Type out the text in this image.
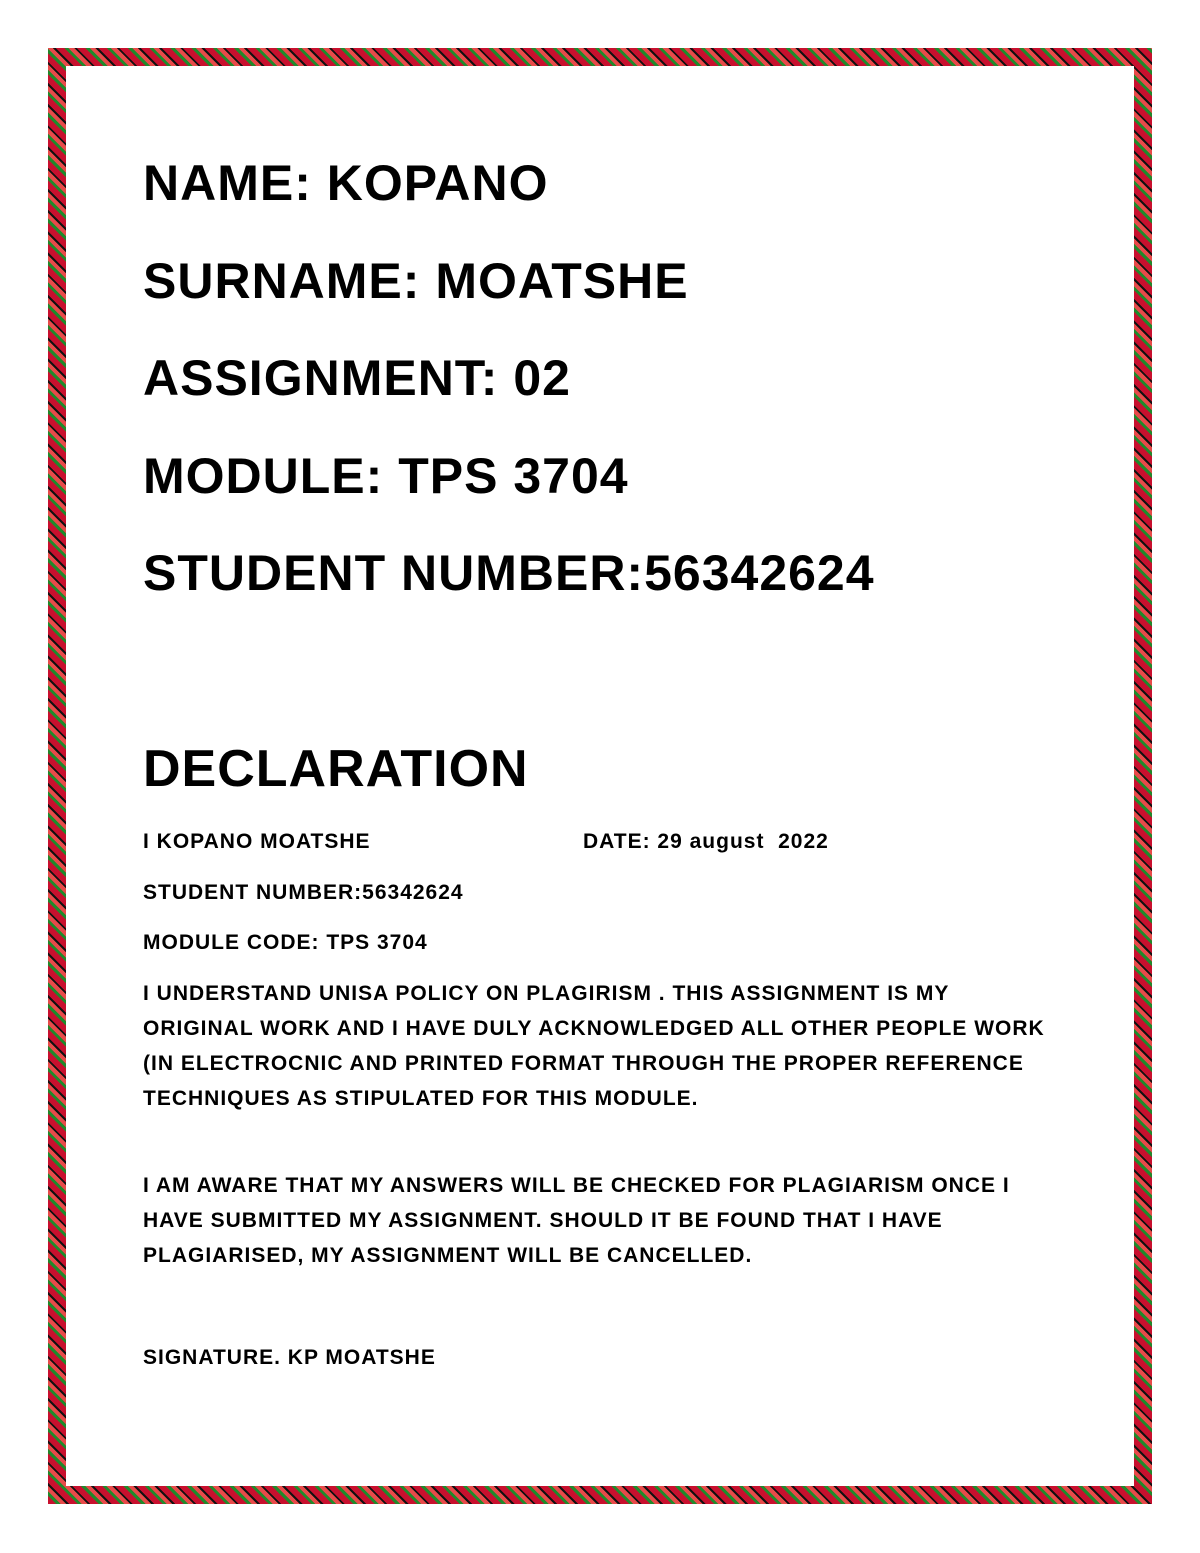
NAME: KOPANO
SURNAME: MOATSHE
ASSIGNMENT: 02
MODULE: TPS 3704
STUDENT NUMBER:56342624
DECLARATION

I KOPANO MOATSHE	DATE: 29 august  2022

STUDENT NUMBER:56342624

MODULE CODE: TPS 3704

I UNDERSTAND UNISA POLICY ON PLAGIRISM . THIS ASSIGNMENT IS MY ORIGINAL WORK AND I HAVE DULY ACKNOWLEDGED ALL OTHER PEOPLE WORK (IN ELECTROCNIC AND PRINTED FORMAT THROUGH THE PROPER REFERENCE TECHNIQUES AS STIPULATED FOR THIS MODULE.

I AM AWARE THAT MY ANSWERS WILL BE CHECKED FOR PLAGIARISM ONCE I HAVE SUBMITTED MY ASSIGNMENT. SHOULD IT BE FOUND THAT I HAVE PLAGIARISED, MY ASSIGNMENT WILL BE CANCELLED.

SIGNATURE. KP MOATSHE
